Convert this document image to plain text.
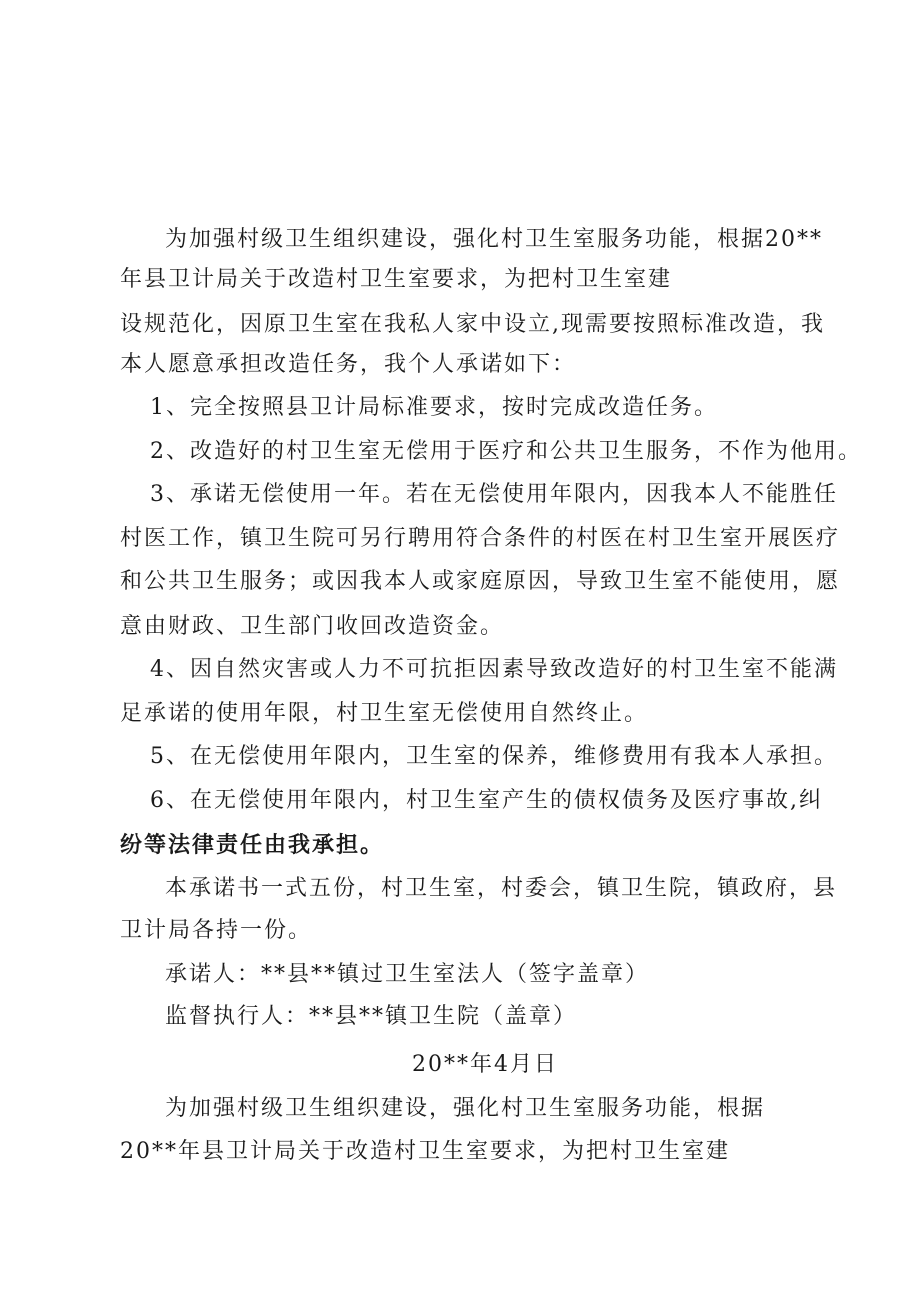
为加强村级卫生组织建设，强化村卫生室服务功能，根据20**

年县卫计局关于改造村卫生室要求，为把村卫生室建

设规范化，因原卫生室在我私人家中设立,现需要按照标准改造，我

本人愿意承担改造任务，我个人承诺如下：

1、完全按照县卫计局标准要求，按时完成改造任务。

2、改造好的村卫生室无偿用于医疗和公共卫生服务，不作为他用。

3、承诺无偿使用一年。若在无偿使用年限内，因我本人不能胜任

村医工作，镇卫生院可另行聘用符合条件的村医在村卫生室开展医疗

和公共卫生服务；或因我本人或家庭原因，导致卫生室不能使用，愿

意由财政、卫生部门收回改造资金。

4、因自然灾害或人力不可抗拒因素导致改造好的村卫生室不能满

足承诺的使用年限，村卫生室无偿使用自然终止。

5、在无偿使用年限内，卫生室的保养，维修费用有我本人承担。

6、在无偿使用年限内，村卫生室产生的债权债务及医疗事故,纠

纷等法律责任由我承担。

本承诺书一式五份，村卫生室，村委会，镇卫生院，镇政府，县

卫计局各持一份。

承诺人：**县**镇过卫生室法人（签字盖章）

监督执行人：**县**镇卫生院（盖章）

20**年4月日

为加强村级卫生组织建设，强化村卫生室服务功能，根据

20**年县卫计局关于改造村卫生室要求，为把村卫生室建
